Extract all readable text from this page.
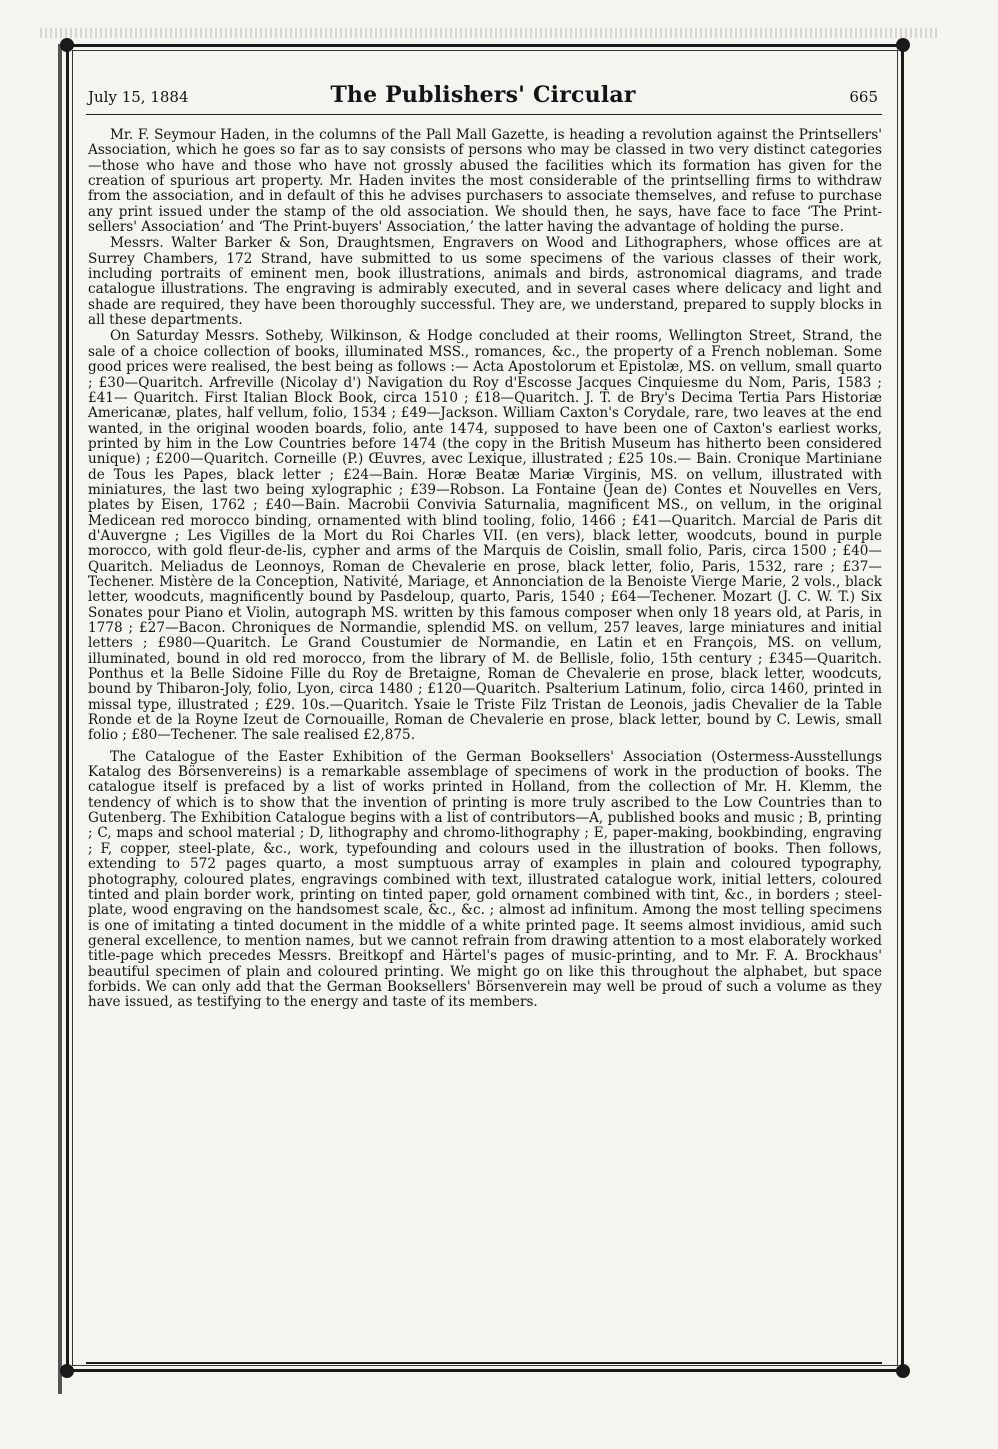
July 15, 1884	The Publishers' Circular	665

Mr. F. Seymour Haden, in the columns of the Pall Mall Gazette, is heading a revolution against the Printsellers' Association, which he goes so far as to say consists of persons who may be classed in two very distinct categories—those who have and those who have not grossly abused the facilities which its formation has given for the creation of spurious art property. Mr. Haden invites the most considerable of the printselling firms to withdraw from the association, and in default of this he advises purchasers to associate themselves, and refuse to purchase any print issued under the stamp of the old association. We should then, he says, have face to face ‘The Print-sellers' Association’ and ‘The Print-buyers' Association,’ the latter having the advantage of holding the purse.

Messrs. Walter Barker & Son, Draughtsmen, Engravers on Wood and Lithographers, whose offices are at Surrey Chambers, 172 Strand, have submitted to us some specimens of the various classes of their work, including portraits of eminent men, book illustrations, animals and birds, astronomical diagrams, and trade catalogue illustrations. The engraving is admirably executed, and in several cases where delicacy and light and shade are required, they have been thoroughly successful. They are, we understand, prepared to supply blocks in all these departments.

On Saturday Messrs. Sotheby, Wilkinson, & Hodge concluded at their rooms, Wellington Street, Strand, the sale of a choice collection of books, illuminated MSS., romances, &c., the property of a French nobleman. Some good prices were realised, the best being as follows :— Acta Apostolorum et Epistolæ, MS. on vellum, small quarto ; £30—Quaritch. Arfreville (Nicolay d') Navigation du Roy d'Escosse Jacques Cinquiesme du Nom, Paris, 1583 ; £41— Quaritch. First Italian Block Book, circa 1510 ; £18—Quaritch. J. T. de Bry's Decima Tertia Pars Historiæ Americanæ, plates, half vellum, folio, 1534 ; £49—Jackson. William Caxton's Corydale, rare, two leaves at the end wanted, in the original wooden boards, folio, ante 1474, supposed to have been one of Caxton's earliest works, printed by him in the Low Countries before 1474 (the copy in the British Museum has hitherto been considered unique) ; £200—Quaritch. Corneille (P.) Œuvres, avec Lexique, illustrated ; £25 10s.— Bain. Cronique Martiniane de Tous les Papes, black letter ; £24—Bain. Horæ Beatæ Mariæ Virginis, MS. on vellum, illustrated with miniatures, the last two being xylographic ; £39—Robson. La Fontaine (Jean de) Contes et Nouvelles en Vers, plates by Eisen, 1762 ; £40—Bain. Macrobii Convivia Saturnalia, magnificent MS., on vellum, in the original Medicean red morocco binding, ornamented with blind tooling, folio, 1466 ; £41—Quaritch. Marcial de Paris dit d'Auvergne ; Les Vigilles de la Mort du Roi Charles VII. (en vers), black letter, woodcuts, bound in purple morocco, with gold fleur-de-lis, cypher and arms of the Marquis de Coislin, small folio, Paris, circa 1500 ; £40—Quaritch. Meliadus de Leonnoys, Roman de Chevalerie en prose, black letter, folio, Paris, 1532, rare ; £37— Techener. Mistère de la Conception, Nativité, Mariage, et Annonciation de la Benoiste Vierge Marie, 2 vols., black letter, woodcuts, magnificently bound by Pasdeloup, quarto, Paris, 1540 ; £64—Techener. Mozart (J. C. W. T.) Six Sonates pour Piano et Violin, autograph MS. written by this famous composer when only 18 years old, at Paris, in 1778 ; £27—Bacon. Chroniques de Normandie, splendid MS. on vellum, 257 leaves, large miniatures and initial letters ; £980—Quaritch. Le Grand Coustumier de Normandie, en Latin et en François, MS. on vellum, illuminated, bound in old red morocco, from the library of M. de Bellisle, folio, 15th century ; £345—Quaritch. Ponthus et la Belle Sidoine Fille du Roy de Bretaigne, Roman de Chevalerie en prose, black letter, woodcuts, bound by Thibaron-Joly, folio, Lyon, circa 1480 ; £120—Quaritch. Psalterium Latinum, folio, circa 1460, printed in missal type, illustrated ; £29. 10s.—Quaritch. Ysaie le Triste Filz Tristan de Leonois, jadis Chevalier de la Table Ronde et de la Royne Izeut de Cornouaille, Roman de Chevalerie en prose, black letter, bound by C. Lewis, small folio ; £80—Techener. The sale realised £2,875.

The Catalogue of the Easter Exhibition of the German Booksellers' Association (Ostermess-Ausstellungs Katalog des Börsenvereins) is a remarkable assemblage of specimens of work in the production of books. The catalogue itself is prefaced by a list of works printed in Holland, from the collection of Mr. H. Klemm, the tendency of which is to show that the invention of printing is more truly ascribed to the Low Countries than to Gutenberg. The Exhibition Catalogue begins with a list of contributors—A, published books and music ; B, printing ; C, maps and school material ; D, lithography and chromo-lithography ; E, paper-making, bookbinding, engraving ; F, copper, steel-plate, &c., work, typefounding and colours used in the illustration of books. Then follows, extending to 572 pages quarto, a most sumptuous array of examples in plain and coloured typography, photography, coloured plates, engravings combined with text, illustrated catalogue work, initial letters, coloured tinted and plain border work, printing on tinted paper, gold ornament combined with tint, &c., in borders ; steel-plate, wood engraving on the handsomest scale, &c., &c. ; almost ad infinitum. Among the most telling specimens is one of imitating a tinted document in the middle of a white printed page. It seems almost invidious, amid such general excellence, to mention names, but we cannot refrain from drawing attention to a most elaborately worked title-page which precedes Messrs. Breitkopf and Härtel's pages of music-printing, and to Mr. F. A. Brockhaus' beautiful specimen of plain and coloured printing. We might go on like this throughout the alphabet, but space forbids. We can only add that the German Booksellers' Börsenverein may well be proud of such a volume as they have issued, as testifying to the energy and taste of its members.
